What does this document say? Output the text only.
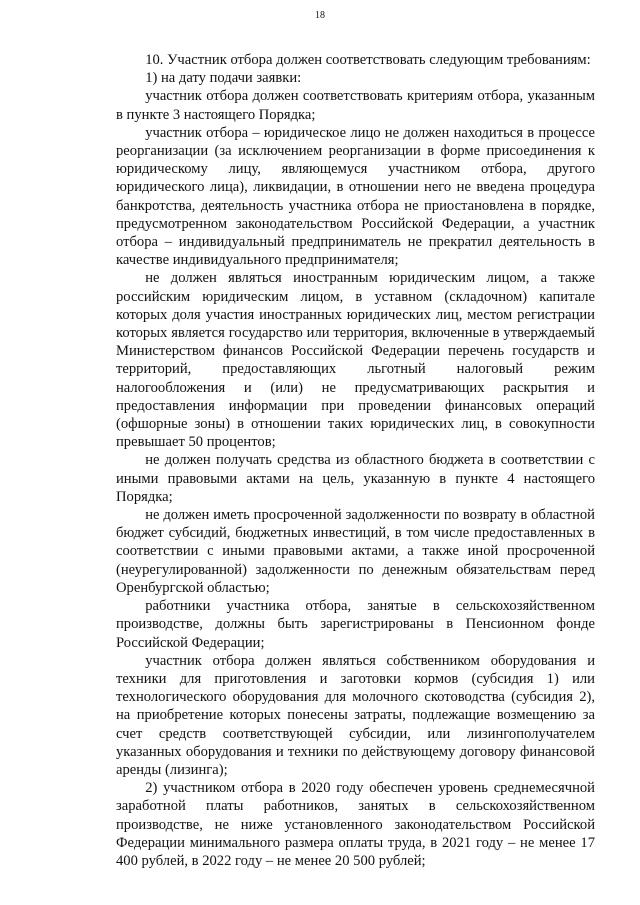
18

10. Участник отбора должен соответствовать следующим требованиям:

1) на дату подачи заявки:

участник отбора должен соответствовать критериям отбора, указанным в пункте 3 настоящего Порядка;

участник отбора – юридическое лицо не должен находиться в процессе реорганизации (за исключением реорганизации в форме присоединения к юридическому лицу, являющемуся участником отбора, другого юридического лица), ликвидации, в отношении него не введена процедура банкротства, деятельность участника отбора не приостановлена в порядке, предусмотренном законодательством Российской Федерации, а участник отбора – индивидуальный предприниматель не прекратил деятельность в качестве индивидуального предпринимателя;

не должен являться иностранным юридическим лицом, а также российским юридическим лицом, в уставном (складочном) капитале которых доля участия иностранных юридических лиц, местом регистрации которых является государство или территория, включенные в утверждаемый Министерством финансов Российской Федерации перечень государств и территорий, предоставляющих льготный налоговый режим налогообложения и (или) не предусматривающих раскрытия и предоставления информации при проведении финансовых операций (офшорные зоны) в отношении таких юридических лиц, в совокупности превышает 50 процентов;

не должен получать средства из областного бюджета в соответствии с иными правовыми актами на цель, указанную в пункте 4 настоящего Порядка;

не должен иметь просроченной задолженности по возврату в областной бюджет субсидий, бюджетных инвестиций, в том числе предоставленных в соответствии с иными правовыми актами, а также иной просроченной (неурегулированной) задолженности по денежным обязательствам перед Оренбургской областью;

работники участника отбора, занятые в сельскохозяйственном производстве, должны быть зарегистрированы в Пенсионном фонде Российской Федерации;

участник отбора должен являться собственником оборудования и техники для приготовления и заготовки кормов (субсидия 1) или технологического оборудования для молочного скотоводства (субсидия 2), на приобретение которых понесены затраты, подлежащие возмещению за счет средств соответствующей субсидии, или лизингополучателем указанных оборудования и техники по действующему договору финансовой аренды (лизинга);

2) участником отбора в 2020 году обеспечен уровень среднемесячной заработной платы работников, занятых в сельскохозяйственном производстве, не ниже установленного законодательством Российской Федерации минимального размера оплаты труда, в 2021 году – не менее 17 400 рублей, в 2022 году – не менее 20 500 рублей;
